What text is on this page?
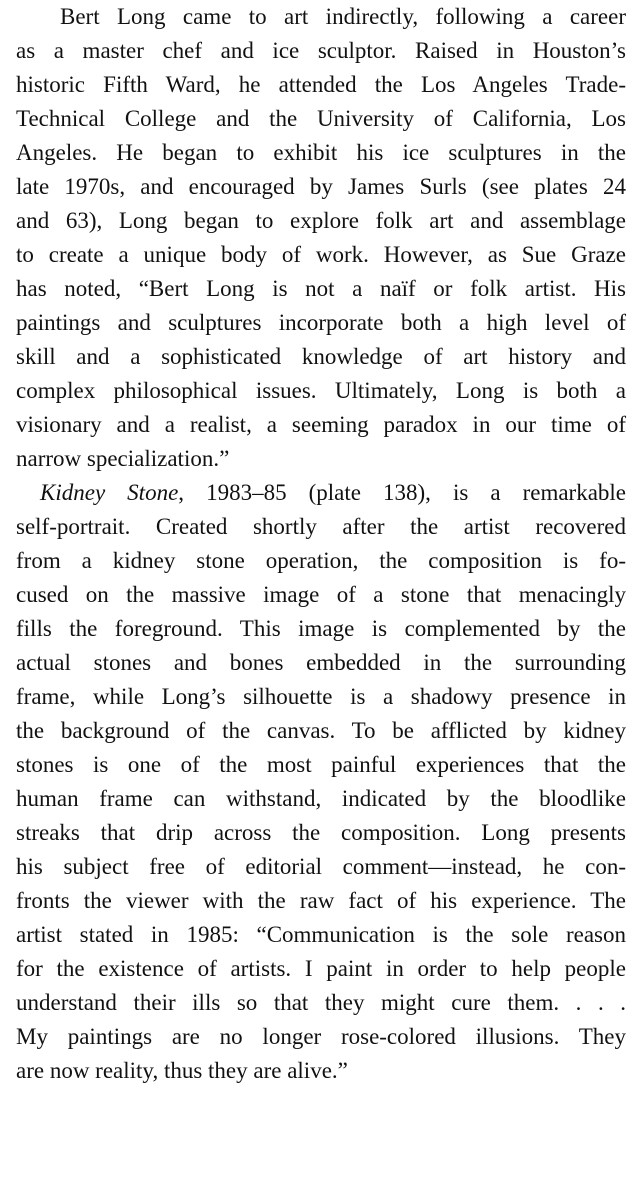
Bert Long came to art indirectly, following a career
as a master chef and ice sculptor. Raised in Houston’s
historic Fifth Ward, he attended the Los Angeles Trade-
Technical College and the University of California, Los
Angeles. He began to exhibit his ice sculptures in the
late 1970s, and encouraged by James Surls (see plates 24
and 63), Long began to explore folk art and assemblage
to create a unique body of work. However, as Sue Graze
has noted, “Bert Long is not a naïf or folk artist. His
paintings and sculptures incorporate both a high level of
skill and a sophisticated knowledge of art history and
complex philosophical issues. Ultimately, Long is both a
visionary and a realist, a seeming paradox in our time of
narrow specialization.”
Kidney Stone, 1983–85 (plate 138), is a remarkable
self-portrait. Created shortly after the artist recovered
from a kidney stone operation, the composition is fo-
cused on the massive image of a stone that menacingly
fills the foreground. This image is complemented by the
actual stones and bones embedded in the surrounding
frame, while Long’s silhouette is a shadowy presence in
the background of the canvas. To be afflicted by kidney
stones is one of the most painful experiences that the
human frame can withstand, indicated by the bloodlike
streaks that drip across the composition. Long presents
his subject free of editorial comment—instead, he con-
fronts the viewer with the raw fact of his experience. The
artist stated in 1985: “Communication is the sole reason
for the existence of artists. I paint in order to help people
understand their ills so that they might cure them. . . .
My paintings are no longer rose-colored illusions. They
are now reality, thus they are alive.”
